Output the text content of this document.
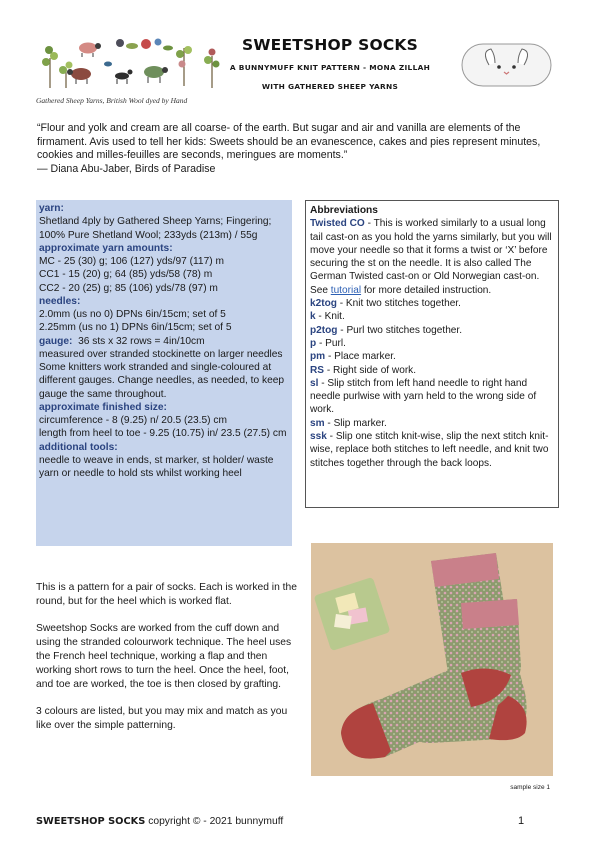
Gathered Sheep Yarns, British Wool dyed by Hand
SWEETSHOP SOCKS
A BUNNYMUFF KNIT PATTERN - MONA ZILLAH
WITH GATHERED SHEEP YARNS
“Flour and yolk and cream are all coarse- of the earth. But sugar and air and vanilla are elements of the firmament. Avis used to tell her kids: Sweets should be an evanescence, cakes and pies represent minutes, cookies and milles-feuilles are seconds, meringues are moments.”
— Diana Abu-Jaber, Birds of Paradise

yarn:

Shetland 4ply by Gathered Sheep Yarns; Fingering; 100% Pure Shetland Wool; 233yds (213m) / 55g

approximate yarn amounts:

MC - 25 (30) g; 106 (127) yds/97 (117) m

CC1 - 15 (20) g; 64 (85) yds/58 (78) m

CC2 - 20 (25) g; 85 (106) yds/78 (97) m

needles:

2.0mm (us no 0) DPNs 6in/15cm; set of 5

2.25mm (us no 1) DPNs 6in/15cm; set of 5

gauge: 36 sts x 32 rows = 4in/10cm

measured over stranded stockinette on larger needles

Some knitters work stranded and single-coloured at different gauges. Change needles, as needed, to keep gauge the same throughout.

approximate finished size:

circumference - 8 (9.25) n/ 20.5 (23.5) cm

length from heel to toe - 9.25 (10.75) in/ 23.5 (27.5) cm

additional tools:

needle to weave in ends, st marker, st holder/ waste yarn or needle to hold sts whilst working heel

Abbreviations

Twisted CO - This is worked similarly to a usual long tail cast-on as you hold the yarns similarly, but you will move your needle so that it forms a twist or ‘X’ before securing the st on the needle. It is also called The German Twisted cast-on or Old Norwegian cast-on. See tutorial for more detailed instruction.

k2tog - Knit two stitches together.

k - Knit.

p2tog - Purl two stitches together.

p - Purl.

pm - Place marker.

RS - Right side of work.

sl - Slip stitch from left hand needle to right hand needle purlwise with yarn held to the wrong side of work.

sm - Slip marker.

ssk - Slip one stitch knit-wise, slip the next stitch knit-wise, replace both stitches to left needle, and knit two stitches together through the back loops.

sample size 1

This is a pattern for a pair of socks. Each is worked in the round, but for the heel which is worked flat.

Sweetshop Socks are worked from the cuff down and using the stranded colourwork technique. The heel uses the French heel technique, working a flap and then working short rows to turn the heel. Once the heel, foot, and toe are worked, the toe is then closed by grafting.

3 colours are listed, but you may mix and match as you like over the simple patterning.

SWEETSHOP SOCKS copyright © - 2021 bunnymuff	1
